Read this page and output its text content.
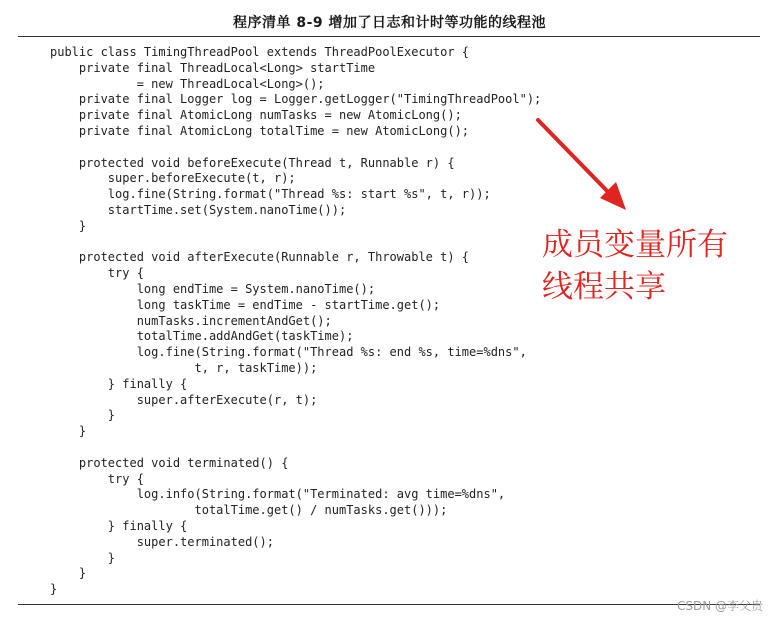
程序清单 8-9 增加了日志和计时等功能的线程池
public class TimingThreadPool extends ThreadPoolExecutor {
private final ThreadLocal<Long> startTime
= new ThreadLocal<Long>();
private final Logger log = Logger.getLogger("TimingThreadPool");
private final AtomicLong numTasks = new AtomicLong();
private final AtomicLong totalTime = new AtomicLong();
protected void beforeExecute(Thread t, Runnable r) {
super.beforeExecute(t, r);
log.fine(String.format("Thread %s: start %s", t, r));
startTime.set(System.nanoTime());
}
protected void afterExecute(Runnable r, Throwable t) {
try {
long endTime = System.nanoTime();
long taskTime = endTime - startTime.get();
numTasks.incrementAndGet();
totalTime.addAndGet(taskTime);
log.fine(String.format("Thread %s: end %s, time=%dns",
t, r, taskTime));
} finally {
super.afterExecute(r, t);
}
}
protected void terminated() {
try {
log.info(String.format("Terminated: avg time=%dns",
totalTime.get() / numTasks.get()));
} finally {
super.terminated();
}
}
}
成员变量所有
线程共享
CSDN @李父贵
